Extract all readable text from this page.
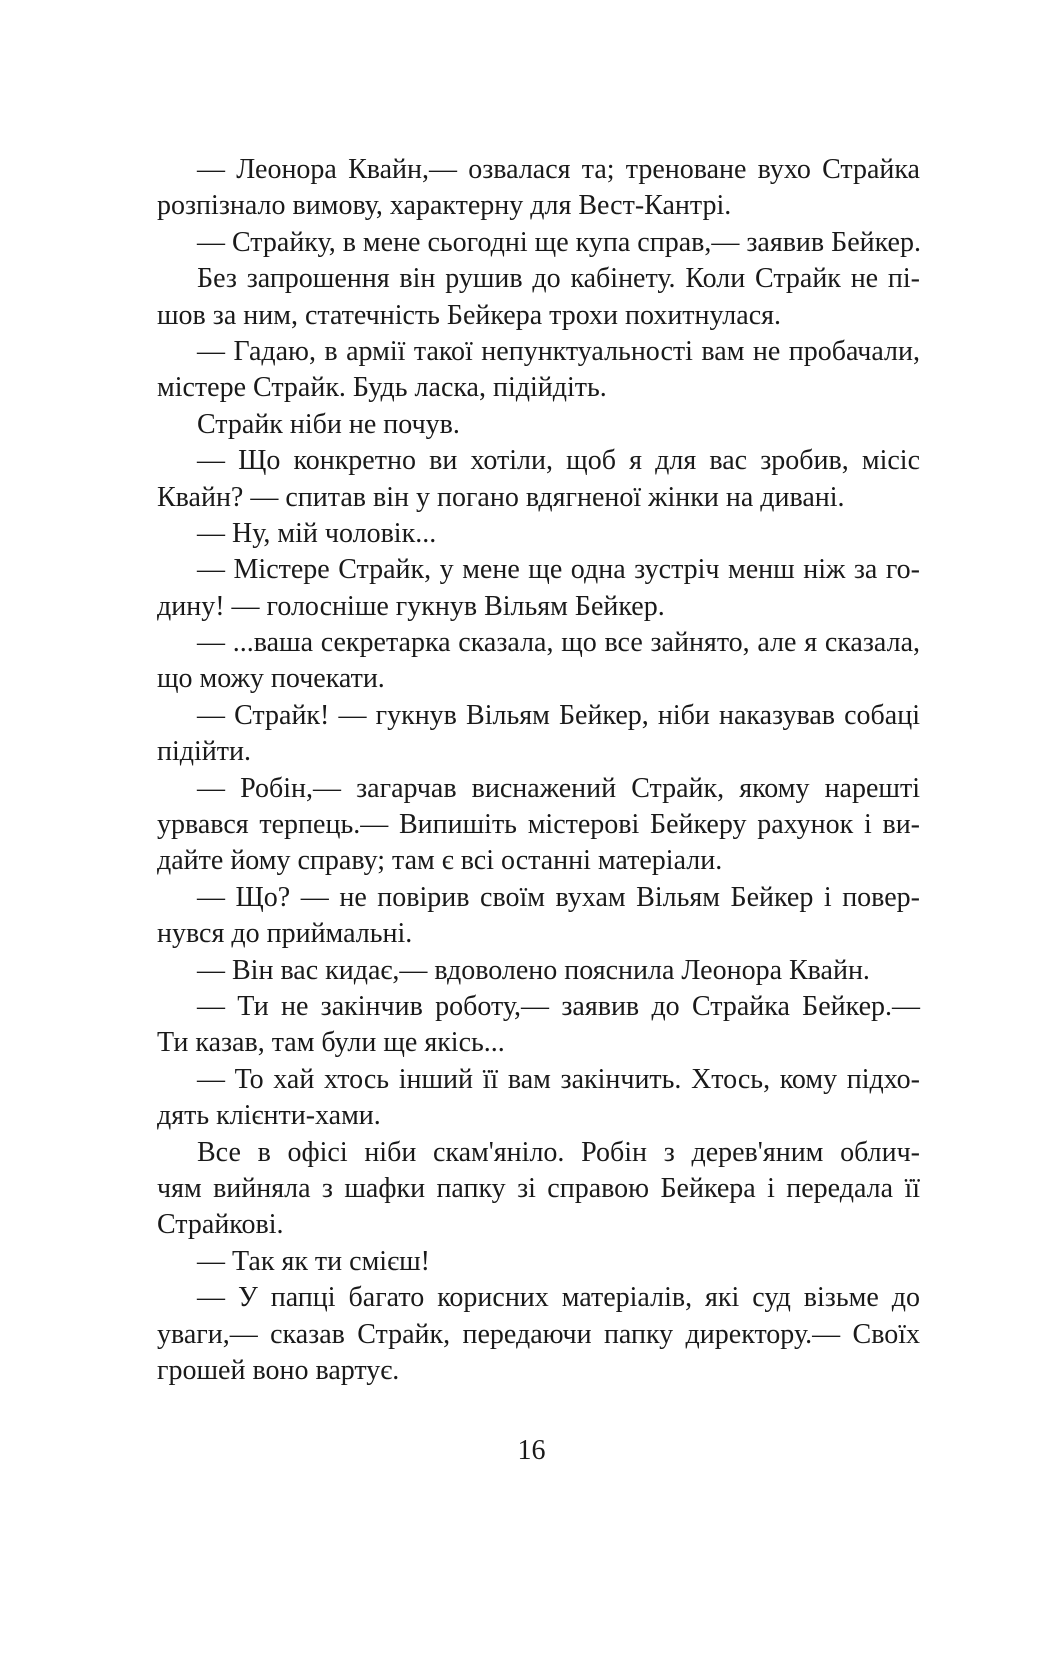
— Леонора Квайн,— озвалася та; треноване вухо Страйка
розпізнало вимову, характерну для Вест-Кантрі.
— Страйку, в мене сьогодні ще купа справ,— заявив Бейкер.
Без запрошення він рушив до кабінету. Коли Страйк не пі-
шов за ним, статечність Бейкера трохи похитнулася.
— Гадаю, в армії такої непунктуальності вам не пробачали,
містере Страйк. Будь ласка, підійдіть.
Страйк ніби не почув.
— Що конкретно ви хотіли, щоб я для вас зробив, місіс
Квайн? — спитав він у погано вдягненої жінки на дивані.
— Ну, мій чоловік...
— Містере Страйк, у мене ще одна зустріч менш ніж за го-
дину! — голосніше гукнув Вільям Бейкер.
— ...ваша секретарка сказала, що все зайнято, але я сказала,
що можу почекати.
— Страйк! — гукнув Вільям Бейкер, ніби наказував собаці
підійти.
— Робін,— загарчав виснажений Страйк, якому нарешті
урвався терпець.— Випишіть містерові Бейкеру рахунок і ви-
дайте йому справу; там є всі останні матеріали.
— Що? — не повірив своїм вухам Вільям Бейкер і повер-
нувся до приймальні.
— Він вас кидає,— вдоволено пояснила Леонора Квайн.
— Ти не закінчив роботу,— заявив до Страйка Бейкер.—
Ти казав, там були ще якісь...
— То хай хтось інший її вам закінчить. Хтось, кому підхо-
дять клієнти-хами.
Все в офісі ніби скам'яніло. Робін з дерев'яним облич-
чям вийняла з шафки папку зі справою Бейкера і передала її
Страйкові.
— Так як ти смієш!
— У папці багато корисних матеріалів, які суд візьме до
уваги,— сказав Страйк, передаючи папку директору.— Своїх
грошей воно вартує.
16
